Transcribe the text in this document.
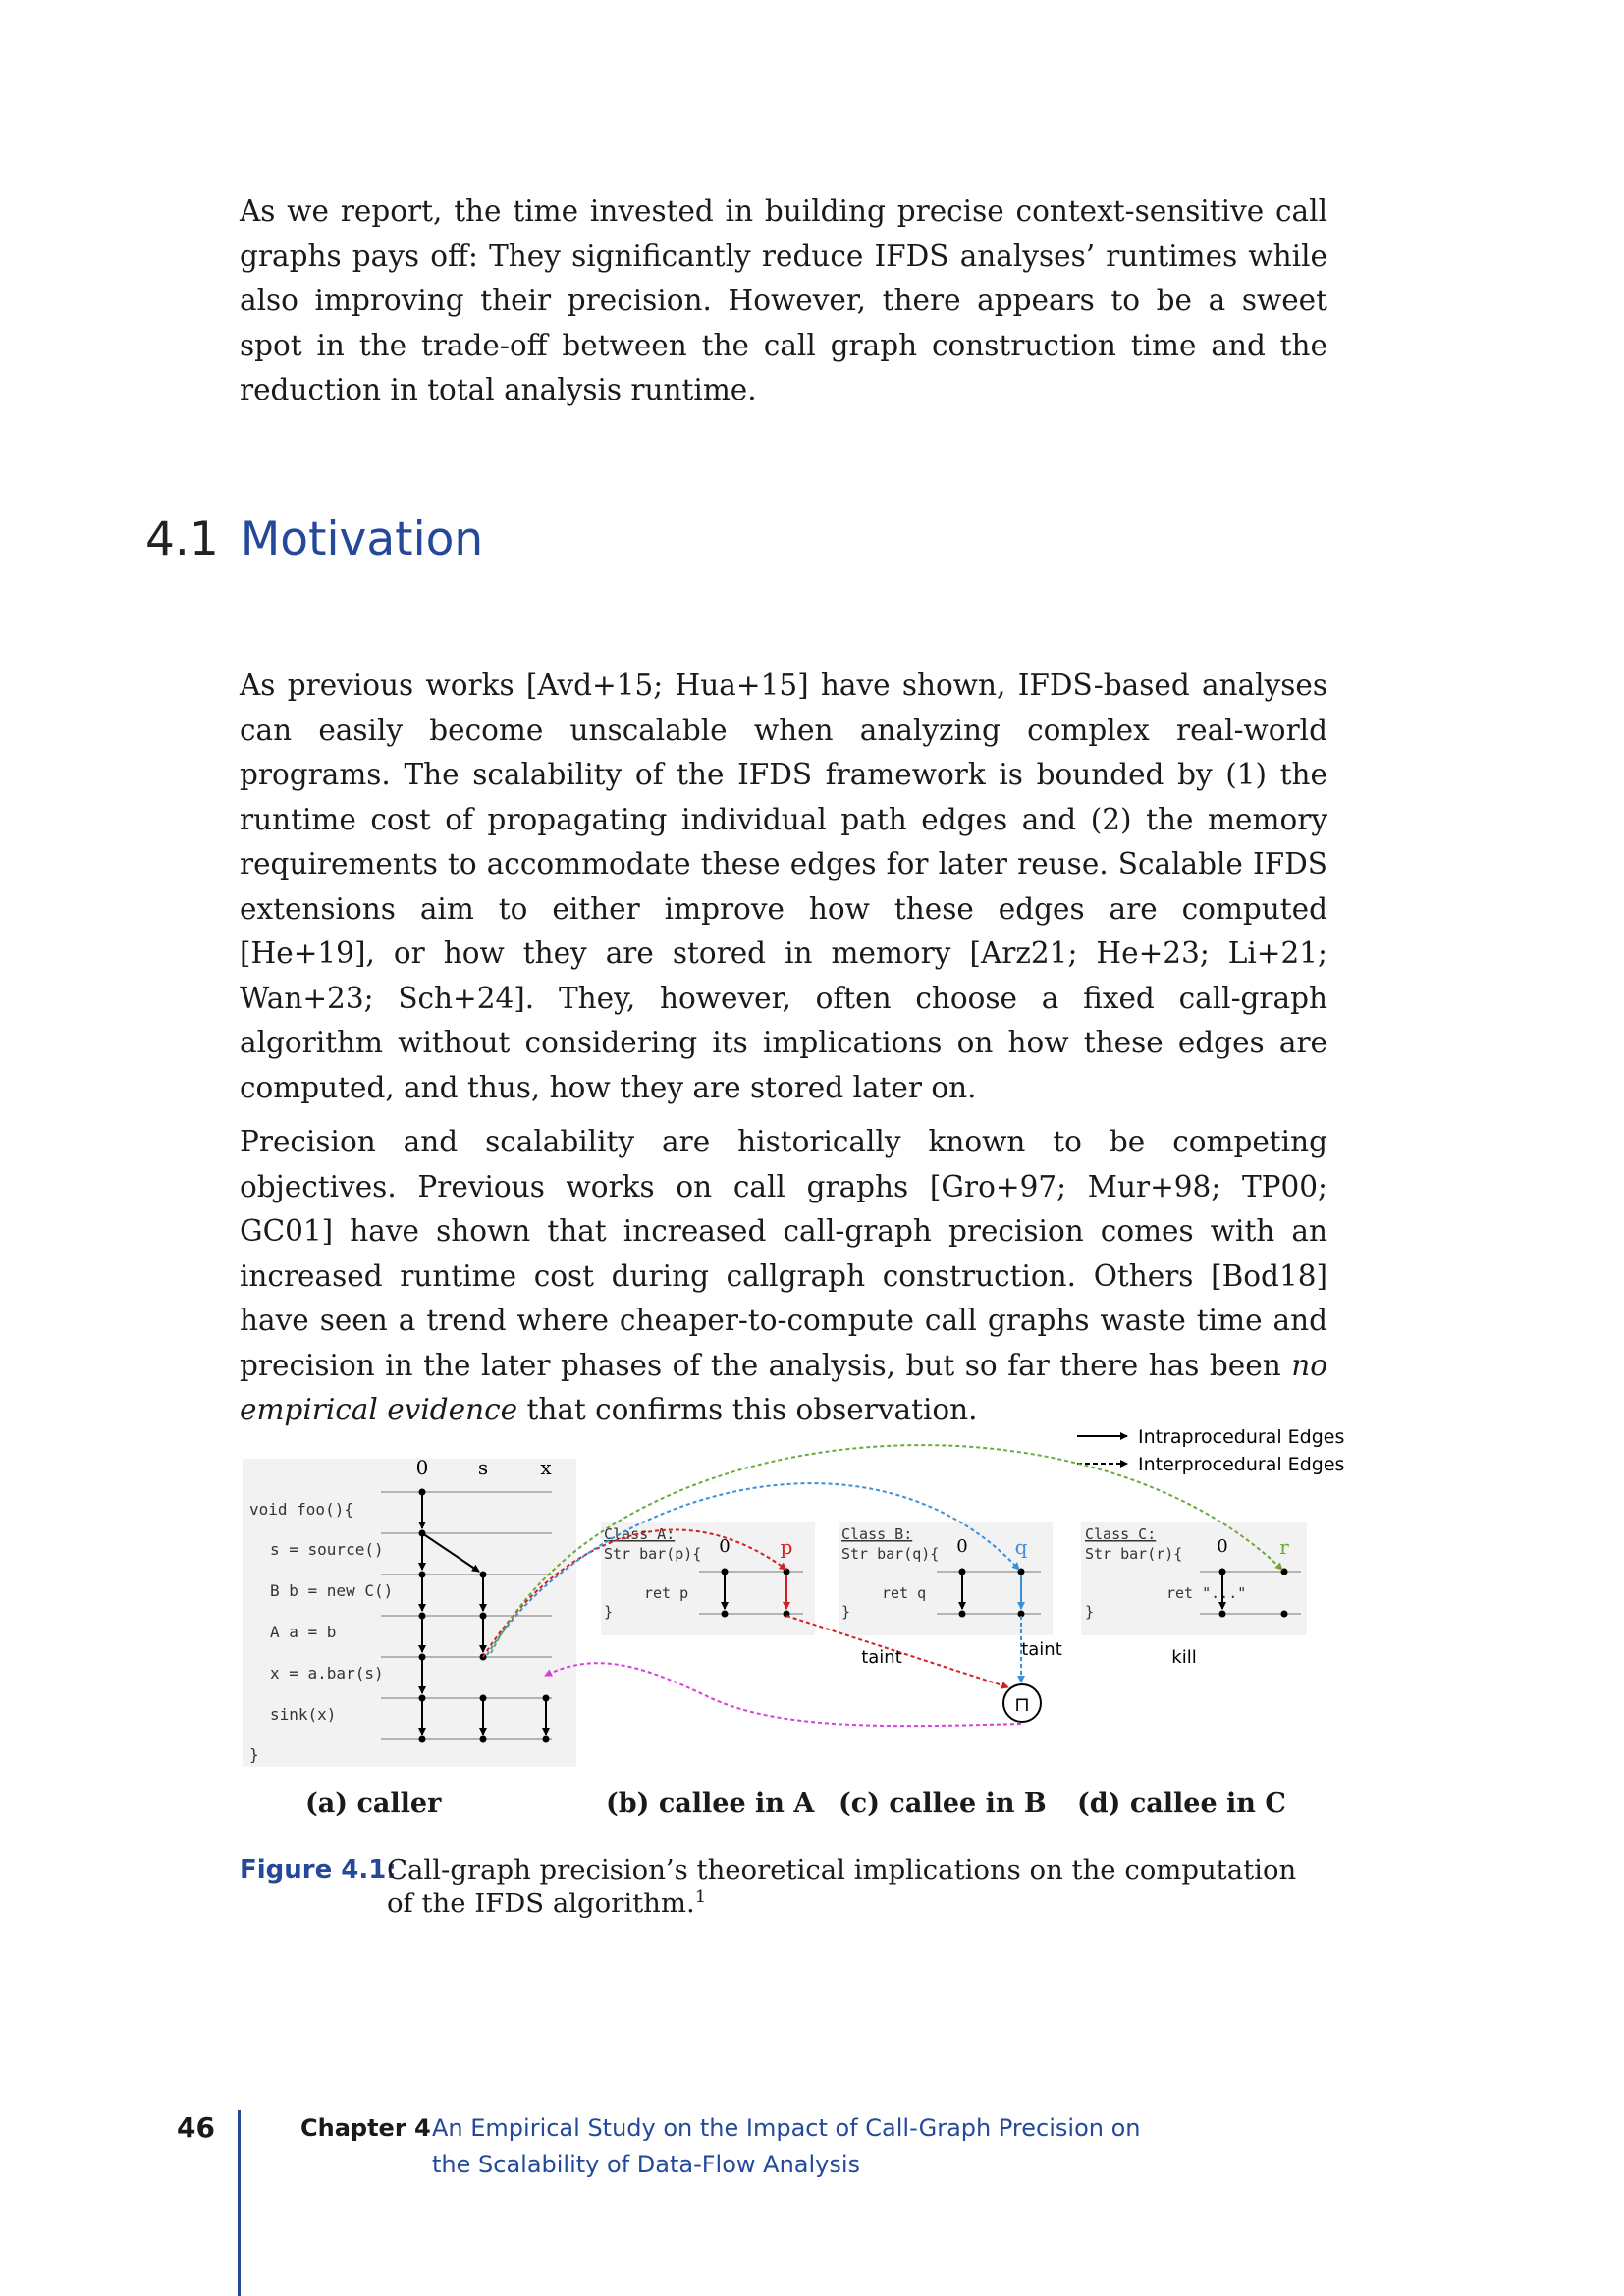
As we report, the time invested in building precise context-sensitive call graphs pays off: They significantly reduce IFDS analyses’ runtimes while also improving their precision. However, there appears to be a sweet spot in the trade-off between the call graph construction time and the reduction in total analysis runtime.

4.1 Motivation

As previous works [Avd+15; Hua+15] have shown, IFDS-based analyses can easily become unscalable when analyzing complex real-world programs. The scalability of the IFDS framework is bounded by (1) the runtime cost of propagating individual path edges and (2) the memory requirements to accommodate these edges for later reuse. Scalable IFDS extensions aim to either improve how these edges are computed [He+19], or how they are stored in memory [Arz21; He+23; Li+21; Wan+23; Sch+24]. They, however, often choose a fixed call-graph algorithm without considering its implications on how these edges are computed, and thus, how they are stored later on.

Precision and scalability are historically known to be competing objectives. Previous works on call graphs [Gro+97; Mur+98; TP00; GC01] have shown that increased call-graph precision comes with an increased runtime cost during callgraph construction. Others [Bod18] have seen a trend where cheaper-to-compute call graphs waste time and precision in the later phases of the analysis, but so far there has been no empirical evidence that confirms this observation.

Intraprocedural Edges
Interprocedural Edges
0	s	x
void foo(){
s = source()
B b = new C()
A a = b
x = a.bar(s)
sink(x)
}
Class A:
Str bar(p){
ret p
}
0	p
Class B:
Str bar(q){
ret q
}
0 q
Class C:
Str bar(r){
ret "..."
}
0	r
⊓
taint	taint	kill
(a) caller	(b) callee in A (c) callee in B (d) callee in C
Figure 4.1:
Call-graph precision’s theoretical implications on the computation of the IFDS algorithm.$^1$
46	Chapter 4 An Empirical Study on the Impact of Call-Graph Precision on the Scalability of Data-Flow Analysis
